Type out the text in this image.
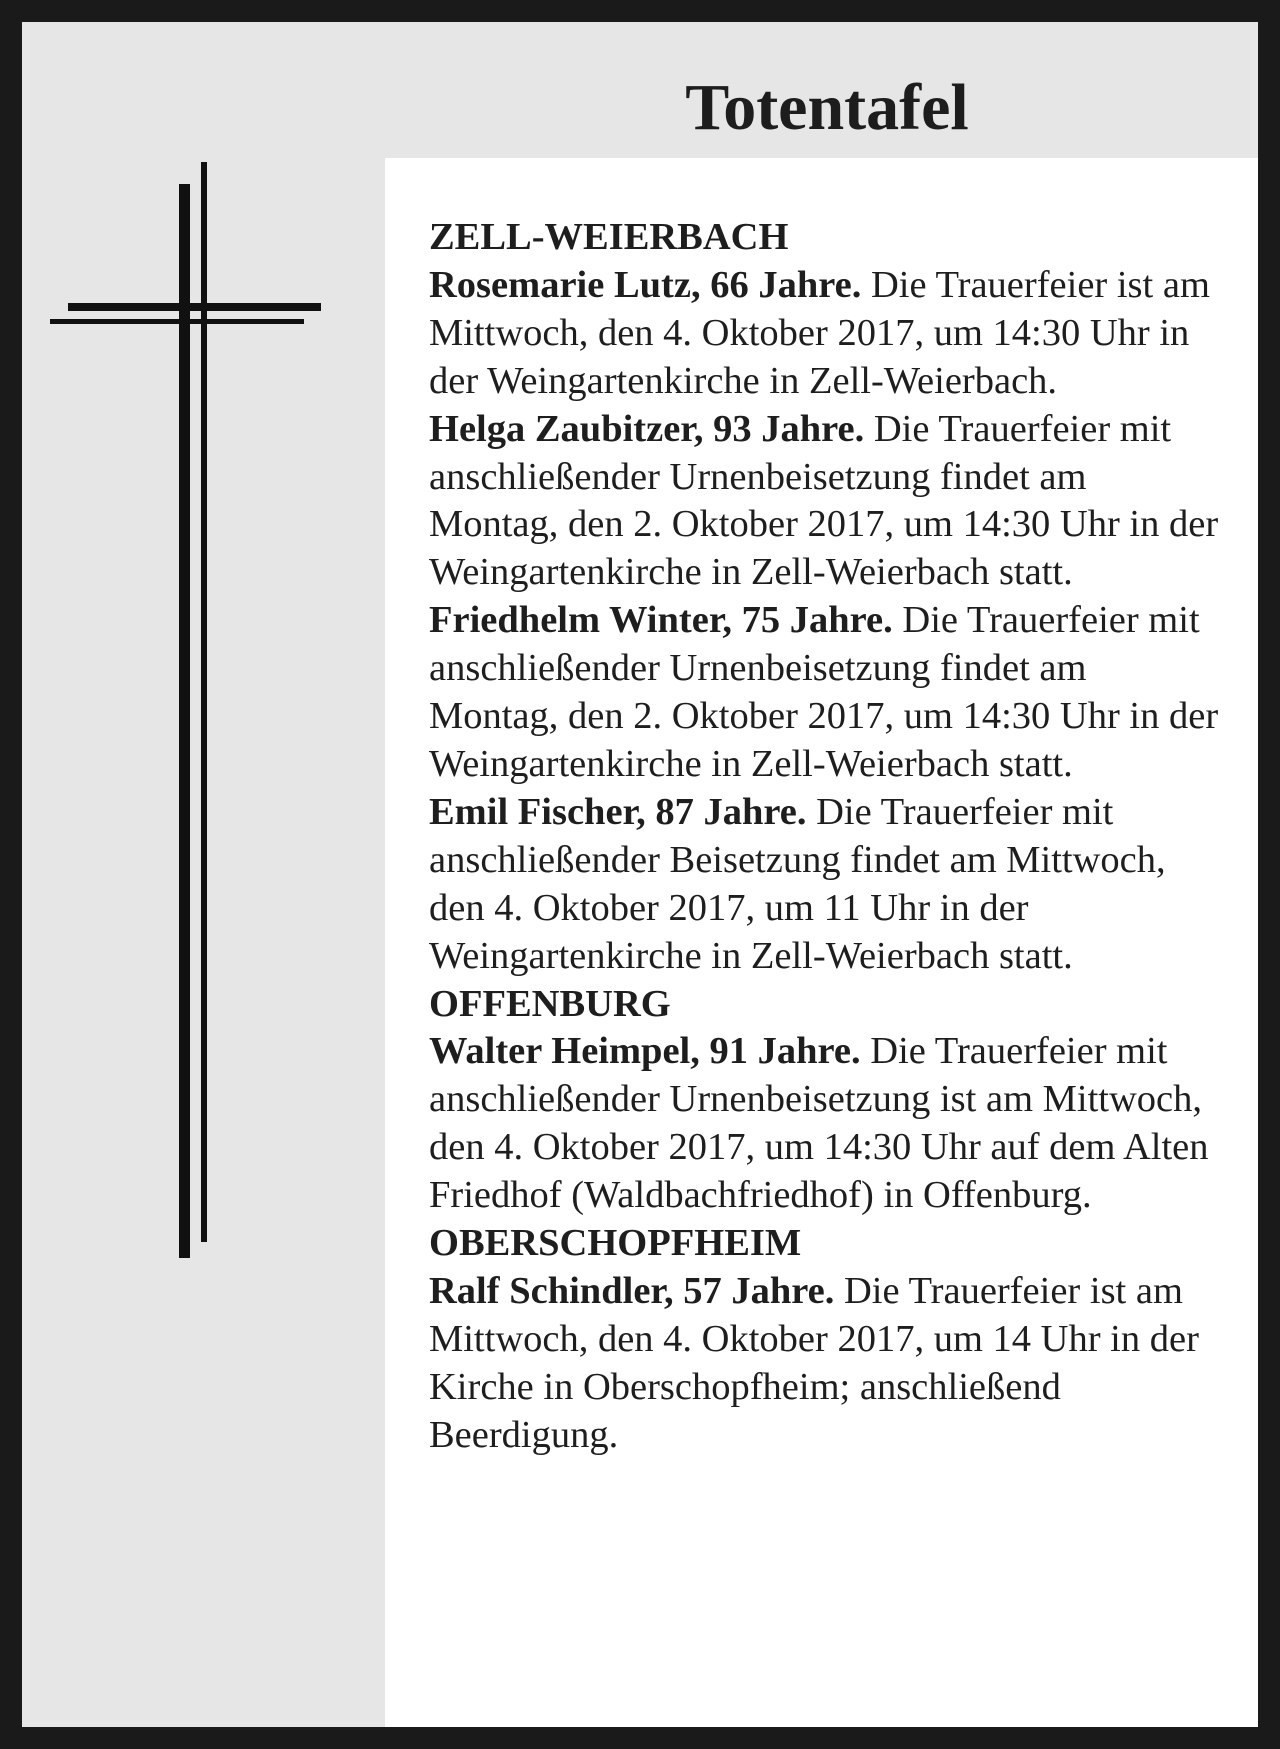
Totentafel

ZELL-WEIERBACH

Rosemarie Lutz, 66 Jahre. Die Trauerfeier ist am Mittwoch, den 4. Oktober 2017, um 14:30 Uhr in der Weingartenkirche in Zell-Weierbach.

Helga Zaubitzer, 93 Jahre. Die Trauerfeier mit anschließender Urnenbeisetzung findet am Montag, den 2. Oktober 2017, um 14:30 Uhr in der Weingartenkirche in Zell-Weierbach statt.

Friedhelm Winter, 75 Jahre. Die Trauerfeier mit anschließender Urnenbeisetzung findet am Montag, den 2. Oktober 2017, um 14:30 Uhr in der Weingartenkirche in Zell-Weierbach statt.

Emil Fischer, 87 Jahre. Die Trauerfeier mit anschließender Beisetzung findet am Mittwoch, den 4. Oktober 2017, um 11 Uhr in der Weingartenkirche in Zell-Weierbach statt.

OFFENBURG

Walter Heimpel, 91 Jahre. Die Trauerfeier mit anschließender Urnenbeisetzung ist am Mittwoch, den 4. Oktober 2017, um 14:30 Uhr auf dem Alten Friedhof (Waldbachfriedhof) in Offenburg.

OBERSCHOPFHEIM

Ralf Schindler, 57 Jahre. Die Trauerfeier ist am Mittwoch, den 4. Oktober 2017, um 14 Uhr in der Kirche in Oberschopfheim; anschließend Beerdigung.
